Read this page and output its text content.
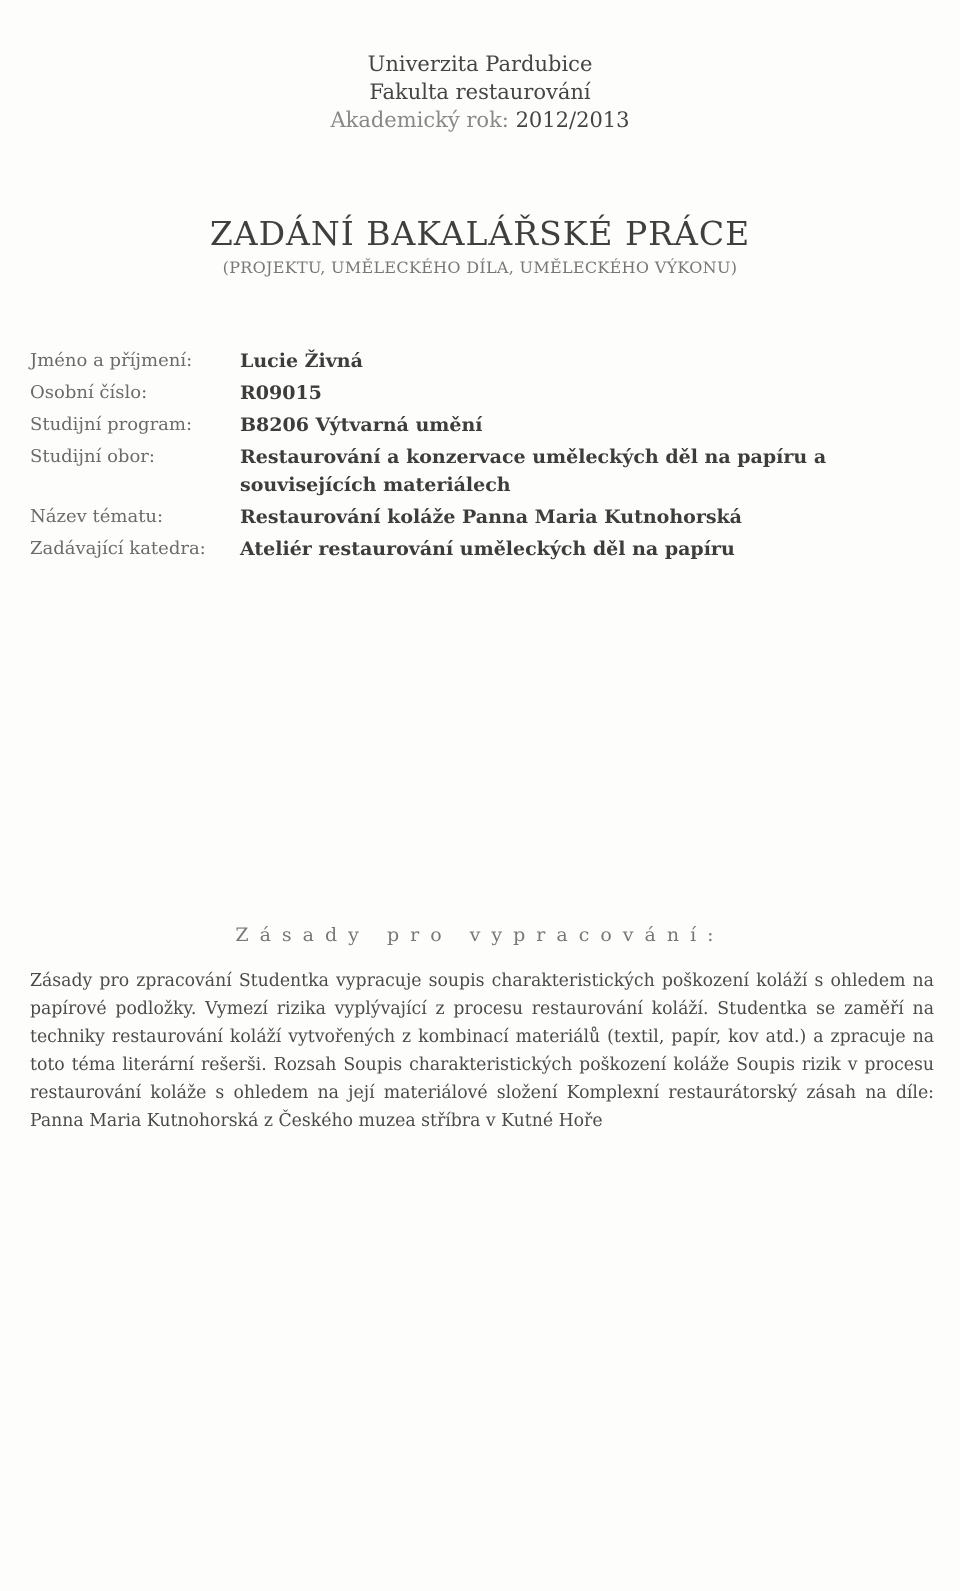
Univerzita Pardubice
Fakulta restaurování
Akademický rok: 2012/2013
ZADÁNÍ BAKALÁŘSKÉ PRÁCE
(PROJEKTU, UMĚLECKÉHO DÍLA, UMĚLECKÉHO VÝKONU)
Jméno a příjmení:	Lucie Živná
Osobní číslo:	R09015
Studijní program:	B8206 Výtvarná umění
Studijní obor:	Restaurování a konzervace uměleckých děl na papíru a souvisejících materiálech
Název tématu:	Restaurování koláže Panna Maria Kutnohorská
Zadávající katedra:	Ateliér restaurování uměleckých děl na papíru
Zásady pro vypracování:
Zásady pro zpracování Studentka vypracuje soupis charakteristických poškození koláží s ohledem na papírové podložky. Vymezí rizika vyplývající z procesu restaurování koláží. Studentka se zaměří na techniky restaurování koláží vytvořených z kombinací materiálů (textil, papír, kov atd.) a zpracuje na toto téma literární rešerši. Rozsah Soupis charakteristických poškození koláže Soupis rizik v procesu restaurování koláže s ohledem na její materiálové složení Komplexní restaurátorský zásah na díle: Panna Maria Kutnohorská z Českého muzea stříbra v Kutné Hoře
